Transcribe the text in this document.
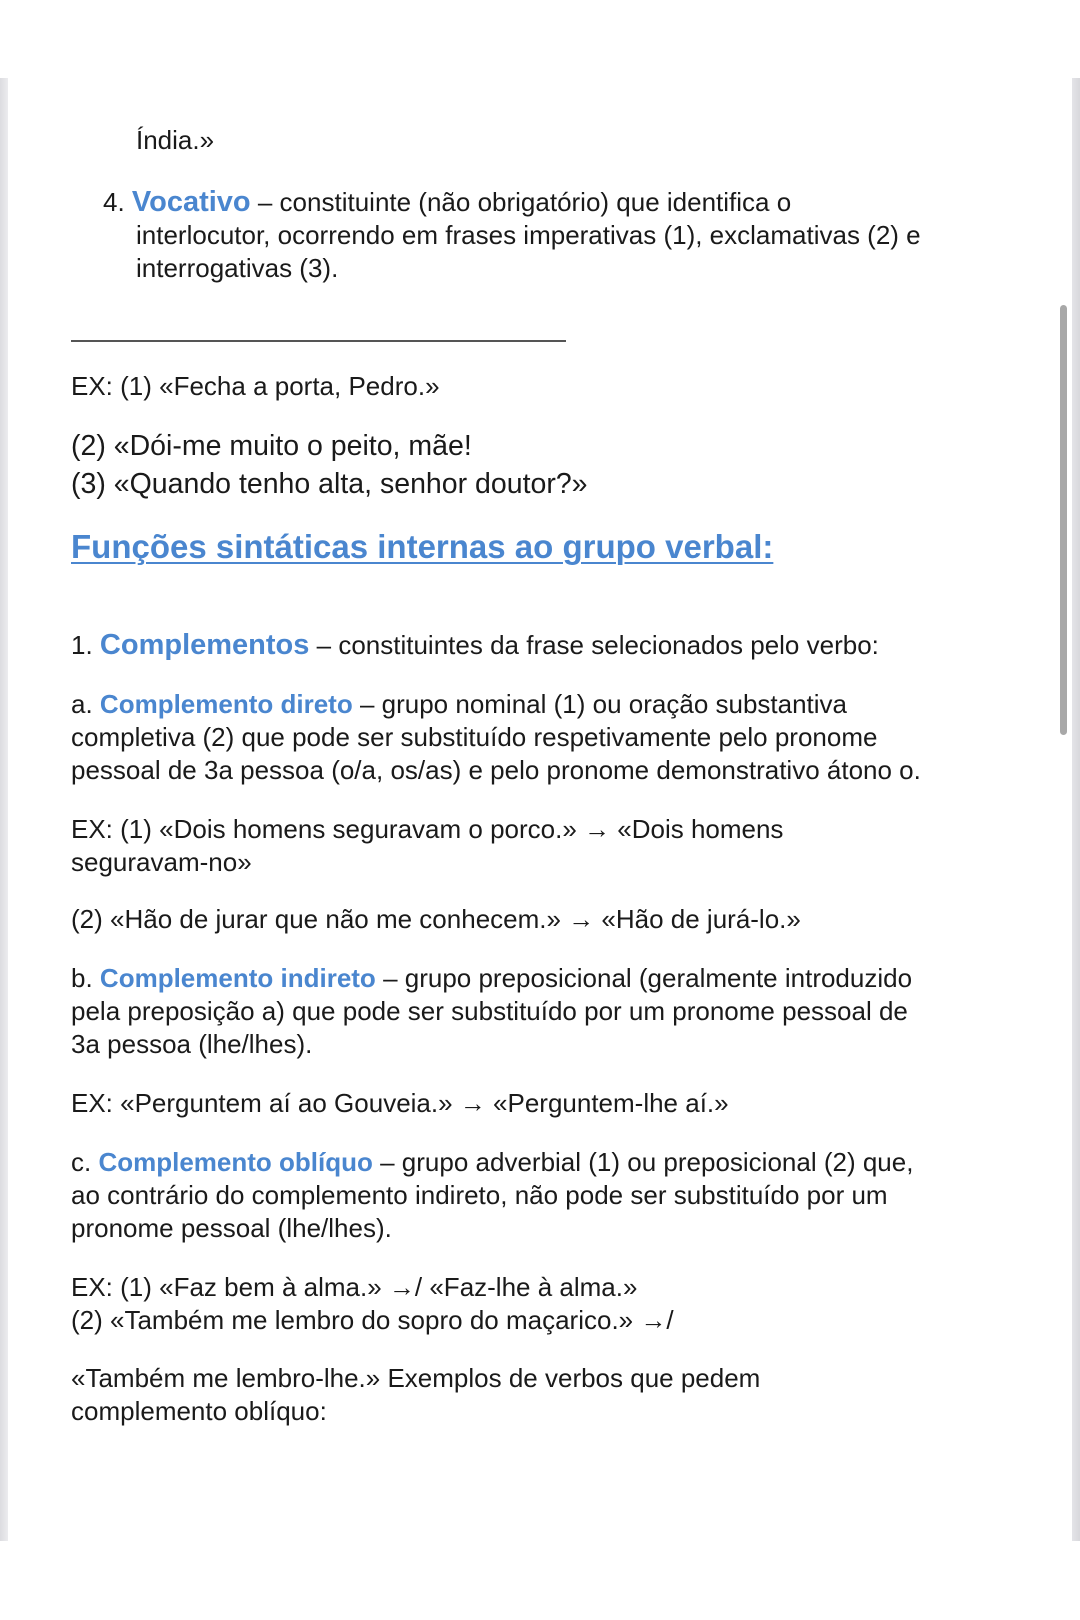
Índia.»
4. Vocativo – constituinte (não obrigatório) que identifica o
interlocutor, ocorrendo em frases imperativas (1), exclamativas (2) e
interrogativas (3).
EX: (1) «Fecha a porta, Pedro.»
(2) «Dói-me muito o peito, mãe!
(3) «Quando tenho alta, senhor doutor?»
Funções sintáticas internas ao grupo verbal:
1. Complementos – constituintes da frase selecionados pelo verbo:
a. Complemento direto – grupo nominal (1) ou oração substantiva
completiva (2) que pode ser substituído respetivamente pelo pronome
pessoal de 3a pessoa (o/a, os/as) e pelo pronome demonstrativo átono o.
EX: (1) «Dois homens seguravam o porco.» → «Dois homens
seguravam-no»
(2) «Hão de jurar que não me conhecem.» → «Hão de jurá-lo.»
b. Complemento indireto – grupo preposicional (geralmente introduzido
pela preposição a) que pode ser substituído por um pronome pessoal de
3a pessoa (lhe/lhes).
EX: «Perguntem aí ao Gouveia.» → «Perguntem-lhe aí.»
c. Complemento oblíquo – grupo adverbial (1) ou preposicional (2) que,
ao contrário do complemento indireto, não pode ser substituído por um
pronome pessoal (lhe/lhes).
EX: (1) «Faz bem à alma.» →/ «Faz-lhe à alma.»
(2) «Também me lembro do sopro do maçarico.» →/
«Também me lembro-lhe.» Exemplos de verbos que pedem
complemento oblíquo:
